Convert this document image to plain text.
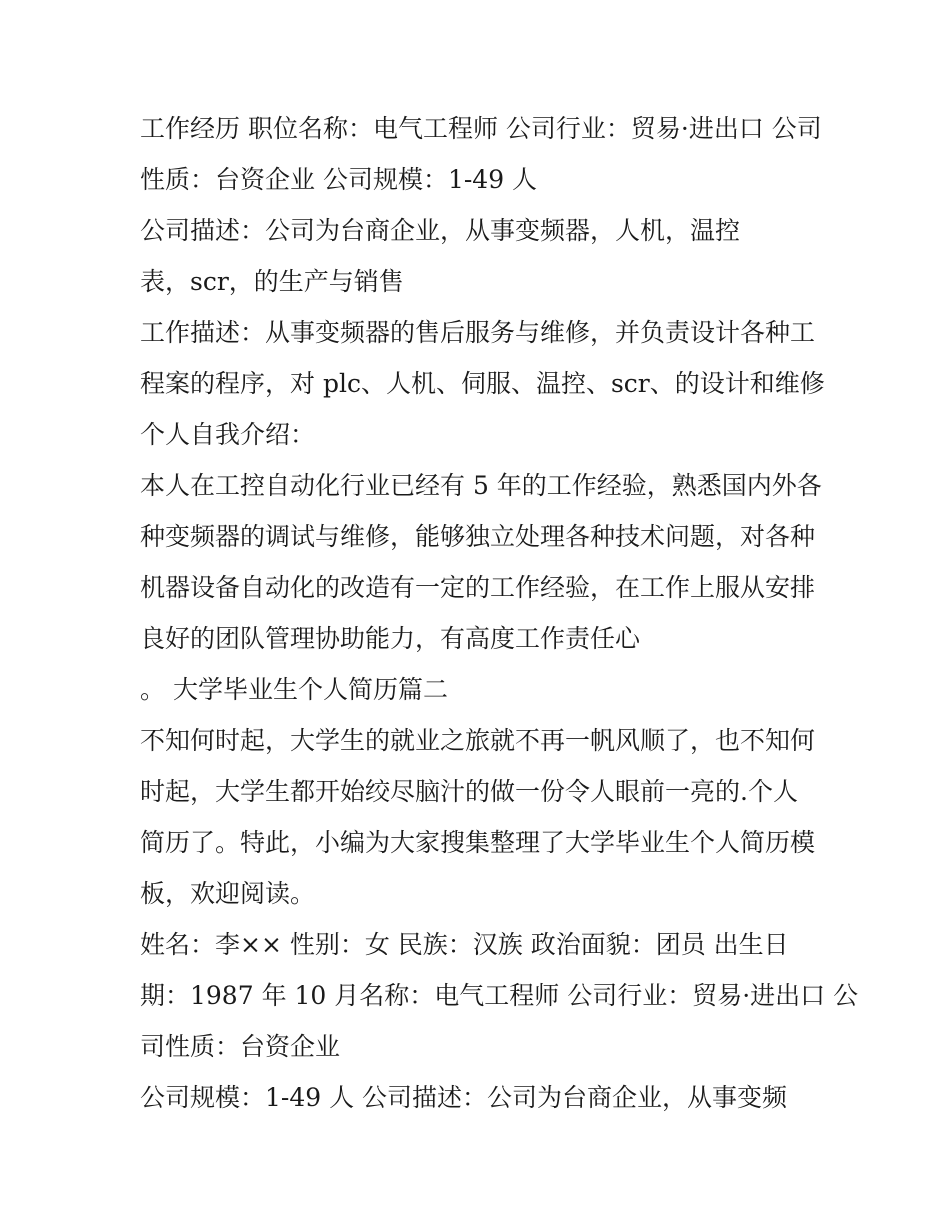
工作经历 职位名称：电气工程师 公司行业：贸易·进出口 公司

性质：台资企业 公司规模：1-49 人

公司描述：公司为台商企业，从事变频器，人机，温控

表，scr，的生产与销售

工作描述：从事变频器的售后服务与维修，并负责设计各种工

程案的程序，对 plc、人机、伺服、温控、scr、的设计和维修

个人自我介绍：

本人在工控自动化行业已经有 5 年的工作经验，熟悉国内外各

种变频器的调试与维修，能够独立处理各种技术问题，对各种

机器设备自动化的改造有一定的工作经验，在工作上服从安排

良好的团队管理协助能力，有高度工作责任心

。 大学毕业生个人简历篇二

不知何时起，大学生的就业之旅就不再一帆风顺了，也不知何

时起，大学生都开始绞尽脑汁的做一份令人眼前一亮的.个人

简历了。特此，小编为大家搜集整理了大学毕业生个人简历模

板，欢迎阅读。

姓名：李×× 性别：女 民族：汉族 政治面貌：团员 出生日

期：1987 年 10 月名称：电气工程师 公司行业：贸易·进出口 公

司性质：台资企业

公司规模：1-49 人 公司描述：公司为台商企业，从事变频
